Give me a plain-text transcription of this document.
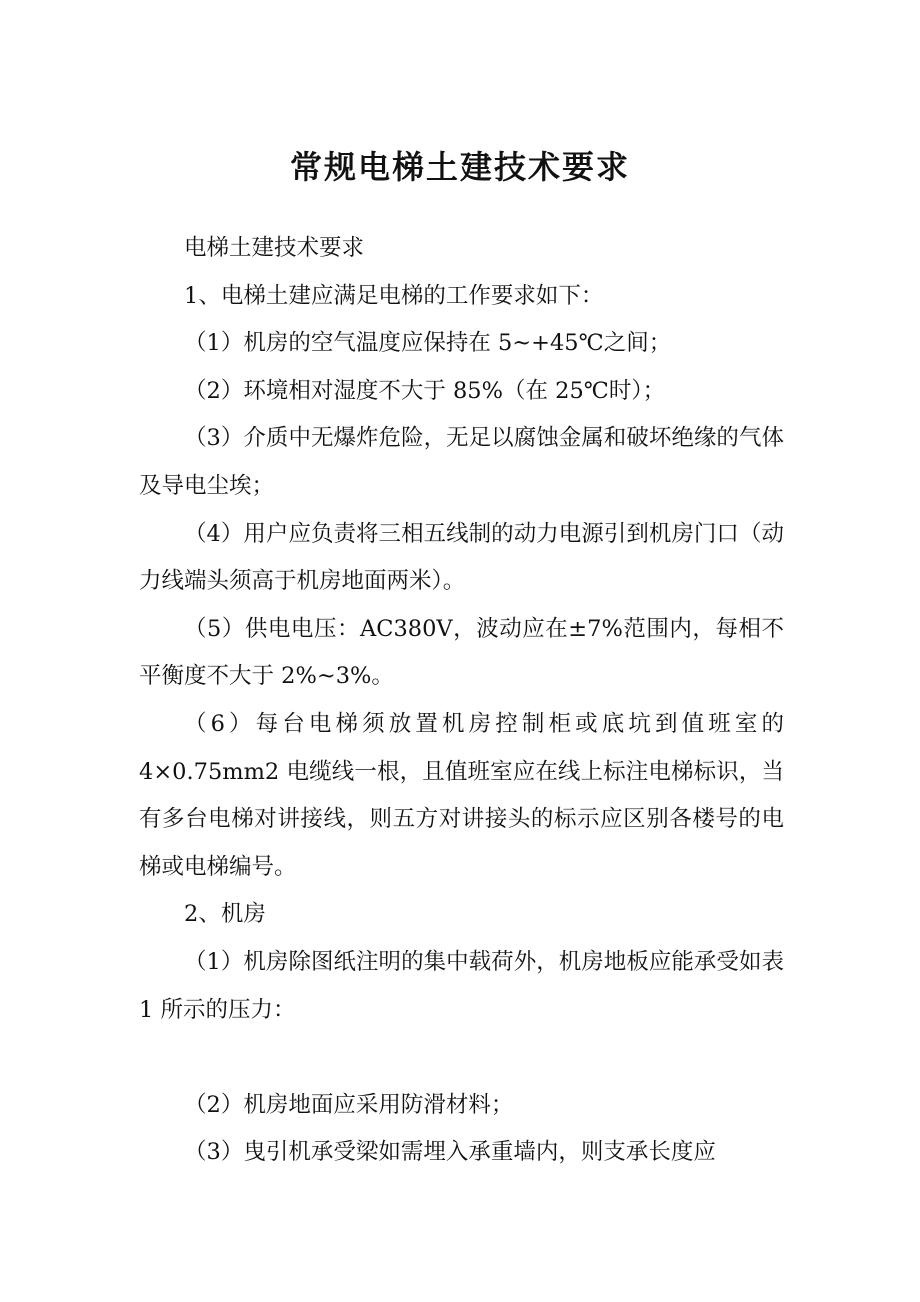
常规电梯土建技术要求

电梯土建技术要求

1、电梯土建应满足电梯的工作要求如下：

（1）机房的空气温度应保持在 5~+45℃之间；

（2）环境相对湿度不大于 85%（在 25℃时）；

（3）介质中无爆炸危险，无足以腐蚀金属和破坏绝缘的气体及导电尘埃；

（4）用户应负责将三相五线制的动力电源引到机房门口（动力线端头须高于机房地面两米）。

（5）供电电压：AC380V，波动应在±7%范围内，每相不平衡度不大于 2%~3%。

（6）每台电梯须放置机房控制柜或底坑到值班室的 4×0.75mm2 电缆线一根，且值班室应在线上标注电梯标识，当有多台电梯对讲接线，则五方对讲接头的标示应区别各楼号的电梯或电梯编号。

2、机房

（1）机房除图纸注明的集中载荷外，机房地板应能承受如表 1 所示的压力：

（2）机房地面应采用防滑材料；

（3）曳引机承受梁如需埋入承重墙内，则支承长度应
